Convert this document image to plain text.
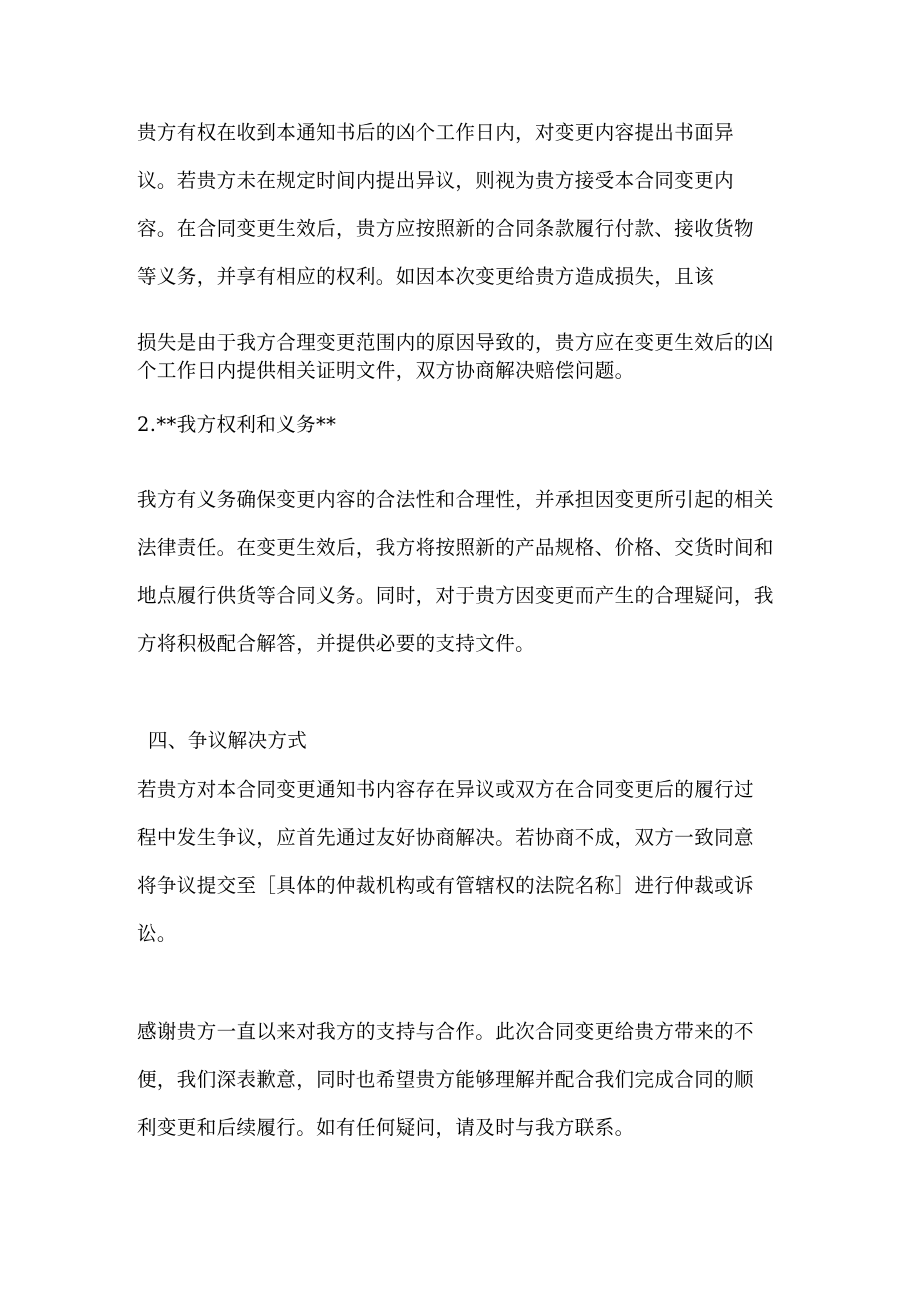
贵方有权在收到本通知书后的凶个工作日内，对变更内容提出书面异
议。若贵方未在规定时间内提出异议，则视为贵方接受本合同变更内
容。在合同变更生效后，贵方应按照新的合同条款履行付款、接收货物
等义务，并享有相应的权利。如因本次变更给贵方造成损失，且该
损失是由于我方合理变更范围内的原因导致的，贵方应在变更生效后的凶
个工作日内提供相关证明文件，双方协商解决赔偿问题。
2.**我方权利和义务**
我方有义务确保变更内容的合法性和合理性，并承担因变更所引起的相关
法律责任。在变更生效后，我方将按照新的产品规格、价格、交货时间和
地点履行供货等合同义务。同时，对于贵方因变更而产生的合理疑问，我
方将积极配合解答，并提供必要的支持文件。
四、争议解决方式
若贵方对本合同变更通知书内容存在异议或双方在合同变更后的履行过
程中发生争议，应首先通过友好协商解决。若协商不成，双方一致同意
将争议提交至［具体的仲裁机构或有管辖权的法院名称］进行仲裁或诉
讼。
感谢贵方一直以来对我方的支持与合作。此次合同变更给贵方带来的不
便，我们深表歉意，同时也希望贵方能够理解并配合我们完成合同的顺
利变更和后续履行。如有任何疑问，请及时与我方联系。
